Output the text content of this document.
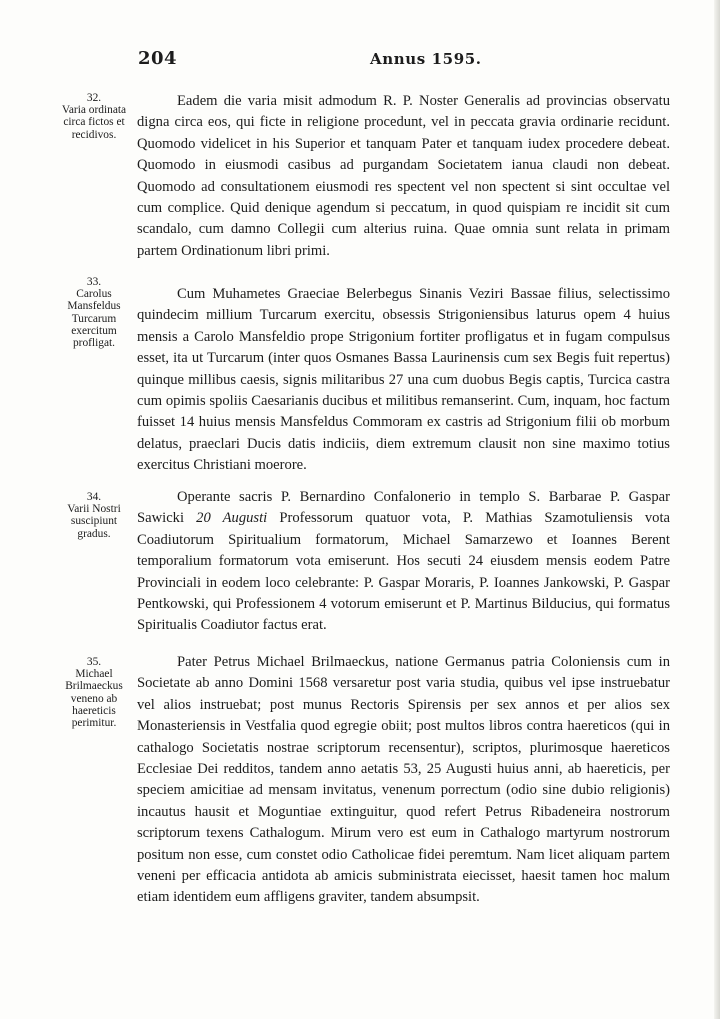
204	Annus 1595.
32.
Varia ordinata circa fictos et recidivos.
33.
Carolus Mansfeldus Turcarum exercitum profligat.
34.
Varii Nostri suscipiunt gradus.
35.
Michael Brilmaeckus veneno ab haereticis perimitur.

Eadem die varia misit admodum R. P. Noster Generalis ad provincias observatu digna circa eos, qui ficte in religione procedunt, vel in peccata gravia ordinarie recidunt. Quomodo videlicet in his Superior et tanquam Pater et tanquam iudex procedere debeat. Quomodo in eiusmodi casibus ad purgandam Societatem ianua claudi non debeat. Quomodo ad consultationem eiusmodi res spectent vel non spectent si sint occultae vel cum complice. Quid denique agendum si peccatum, in quod quispiam re incidit sit cum scandalo, cum damno Collegii cum alterius ruina. Quae omnia sunt relata in primam partem Ordinationum libri primi.

Cum Muhametes Graeciae Belerbegus Sinanis Veziri Bassae filius, selectissimo quindecim millium Turcarum exercitu, obsessis Strigoniensibus laturus opem 4 huius mensis a Carolo Mansfeldio prope Strigonium fortiter profligatus et in fugam compulsus esset, ita ut Turcarum (inter quos Osmanes Bassa Laurinensis cum sex Begis fuit repertus) quinque millibus caesis, signis militaribus 27 una cum duobus Begis captis, Turcica castra cum opimis spoliis Caesarianis ducibus et militibus remanserint. Cum, inquam, hoc factum fuisset 14 huius mensis Mansfeldus Commoram ex castris ad Strigonium filii ob morbum delatus, praeclari Ducis datis indiciis, diem extremum clausit non sine maximo totius exercitus Christiani moerore.

Operante sacris P. Bernardino Confalonerio in templo S. Barbarae P. Gaspar Sawicki 20 Augusti Professorum quatuor vota, P. Mathias Szamotuliensis vota Coadiutorum Spiritualium formatorum, Michael Samarzewo et Ioannes Berent temporalium formatorum vota emiserunt. Hos secuti 24 eiusdem mensis eodem Patre Provinciali in eodem loco celebrante: P. Gaspar Moraris, P. Ioannes Jankowski, P. Gaspar Pentkowski, qui Professionem 4 votorum emiserunt et P. Martinus Bilducius, qui formatus Spiritualis Coadiutor factus erat.

Pater Petrus Michael Brilmaeckus, natione Germanus patria Coloniensis cum in Societate ab anno Domini 1568 versaretur post varia studia, quibus vel ipse instruebatur vel alios instruebat; post munus Rectoris Spirensis per sex annos et per alios sex Monasteriensis in Vestfalia quod egregie obiit; post multos libros contra haereticos (qui in cathalogo Societatis nostrae scriptorum recensentur), scriptos, plurimosque haereticos Ecclesiae Dei redditos, tandem anno aetatis 53, 25 Augusti huius anni, ab haereticis, per speciem amicitiae ad mensam invitatus, venenum porrectum (odio sine dubio religionis) incautus hausit et Moguntiae extinguitur, quod refert Petrus Ribadeneira nostrorum scriptorum texens Cathalogum. Mirum vero est eum in Cathalogo martyrum nostrorum positum non esse, cum constet odio Catholicae fidei peremtum. Nam licet aliquam partem veneni per efficacia antidota ab amicis subministrata eiecisset, haesit tamen hoc malum etiam identidem eum affligens graviter, tandem absumpsit.
